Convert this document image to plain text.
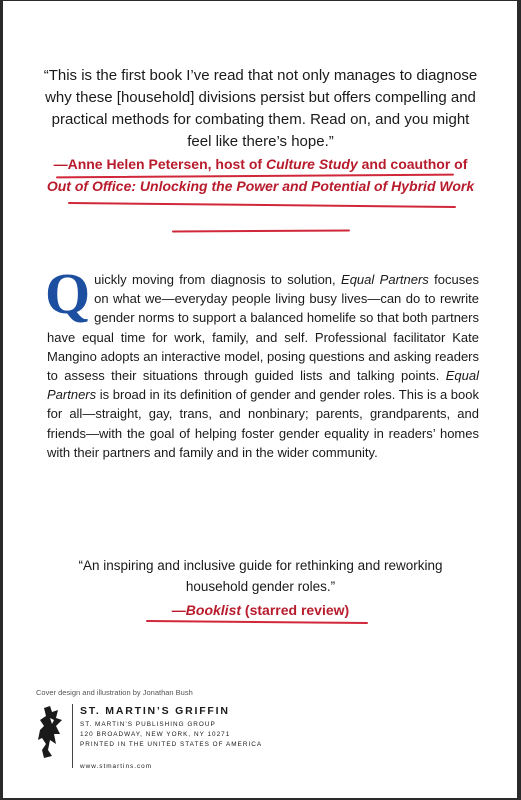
“This is the first book I’ve read that not only manages to diagnose why these [household] divisions persist but offers compelling and practical methods for combating them. Read on, and you might feel like there’s hope.”
—Anne Helen Petersen, host of Culture Study and coauthor of Out of Office: Unlocking the Power and Potential of Hybrid Work
Quickly moving from diagnosis to solution, Equal Partners focuses on what we—everyday people living busy lives—can do to rewrite gender norms to support a balanced homelife so that both partners have equal time for work, family, and self. Professional facilitator Kate Mangino adopts an interactive model, posing questions and asking readers to assess their situations through guided lists and talking points. Equal Partners is broad in its definition of gender and gender roles. This is a book for all—straight, gay, trans, and nonbinary; parents, grandparents, and friends—with the goal of helping foster gender equality in readers’ homes with their partners and family and in the wider community.
“An inspiring and inclusive guide for rethinking and reworking household gender roles.”
—Booklist (starred review)
Cover design and illustration by Jonathan Bush
ST. MARTIN’S GRIFFIN
ST. MARTIN’S PUBLISHING GROUP
120 BROADWAY, NEW YORK, NY 10271
PRINTED IN THE UNITED STATES OF AMERICA
www.stmartins.com
